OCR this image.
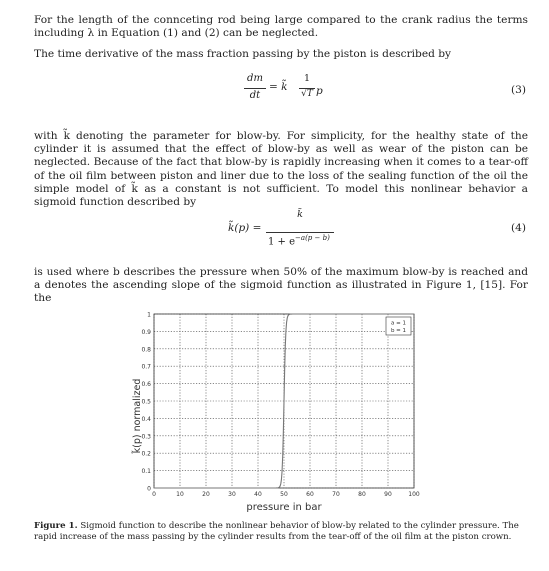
For the length of the connceting rod being large compared to the crank radius the terms including λ in Equation (1) and (2) can be neglected.

The time derivative of the mass fraction passing by the piston is described by

dm
dt
= k̃
1
√T p	(3)

with k̃ denoting the parameter for blow-by. For simplicity, for the healthy state of the cylinder it is assumed that the effect of blow-by as well as wear of the piston can be neglected. Because of the fact that blow-by is rapidly increasing when it comes to a tear-off of the oil film between piston and liner due to the loss of the sealing function of the oil the simple model of k̃ as a constant is not sufficient. To model this nonlinear behavior a sigmoid function described by

k̃(p) =
k̃
$1 + e^{-a(p - b)}$
(4)

is used where b describes the pressure when 50% of the maximum blow-by is reached and a denotes the ascending slope of the sigmoid function as illustrated in Figure 1, [15]. For the

0
0.1
0.2
0.3
0.4
0.5
0.6
0.7
0.8
0.9
1
0	10	20	30	40	50	60	70	80	90	100
a = 1
b = 1
pressure in bar
k̃(p) normalized

Figure 1. Sigmoid function to describe the nonlinear behavior of blow-by related to the cylinder pressure. The rapid increase of the mass passing by the cylinder results from the tear-off of the oil film at the piston crown.
